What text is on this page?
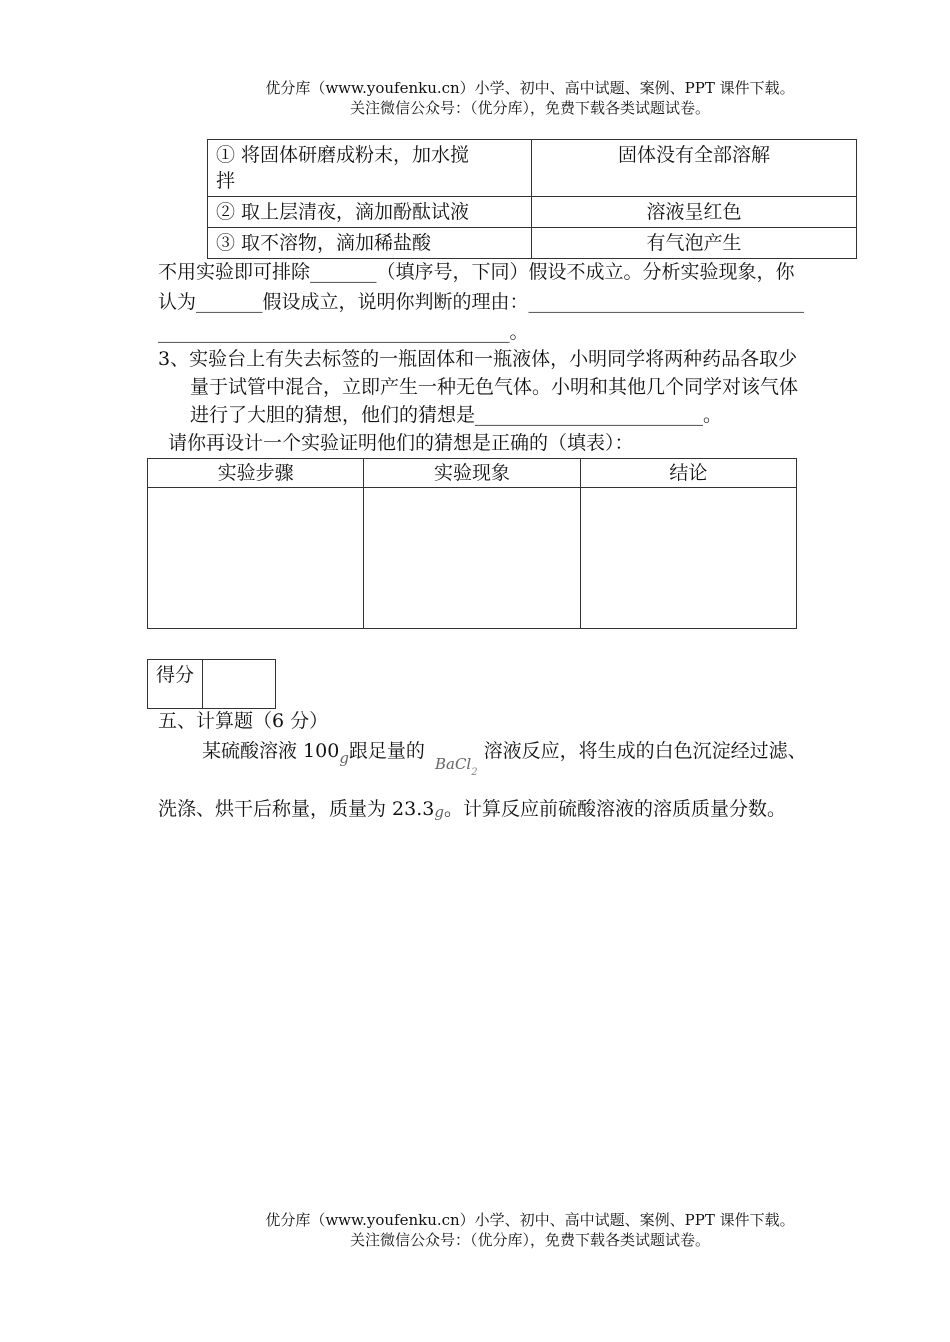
优分库（www.youfenku.cn）小学、初中、高中试题、案例、PPT 课件下载。
关注微信公众号：（优分库），免费下载各类试题试卷。
① 将固体研磨成粉末，加水搅
拌	固体没有全部溶解
② 取上层清夜，滴加酚酞试液	溶液呈红色
③ 取不溶物，滴加稀盐酸	有气泡产生
不用实验即可排除_______（填序号，下同）假设不成立。分析实验现象，你
认为_______假设成立，说明你判断的理由：_____________________________
_____________________________________。
3、实验台上有失去标签的一瓶固体和一瓶液体，小明同学将两种药品各取少
量于试管中混合，立即产生一种无色气体。小明和其他几个同学对该气体
进行了大胆的猜想，他们的猜想是________________________。
请你再设计一个实验证明他们的猜想是正确的（填表）：
实验步骤	实验现象	结论

得分	
五、计算题（6 分）
某硫酸溶液 $100_g$跟足量的 $_{BaCl_2}$溶液反应，将生成的白色沉淀经过滤、
洗涤、烘干后称量，质量为 23.3g。计算反应前硫酸溶液的溶质质量分数。
优分库（www.youfenku.cn）小学、初中、高中试题、案例、PPT 课件下载。
关注微信公众号：（优分库），免费下载各类试题试卷。
